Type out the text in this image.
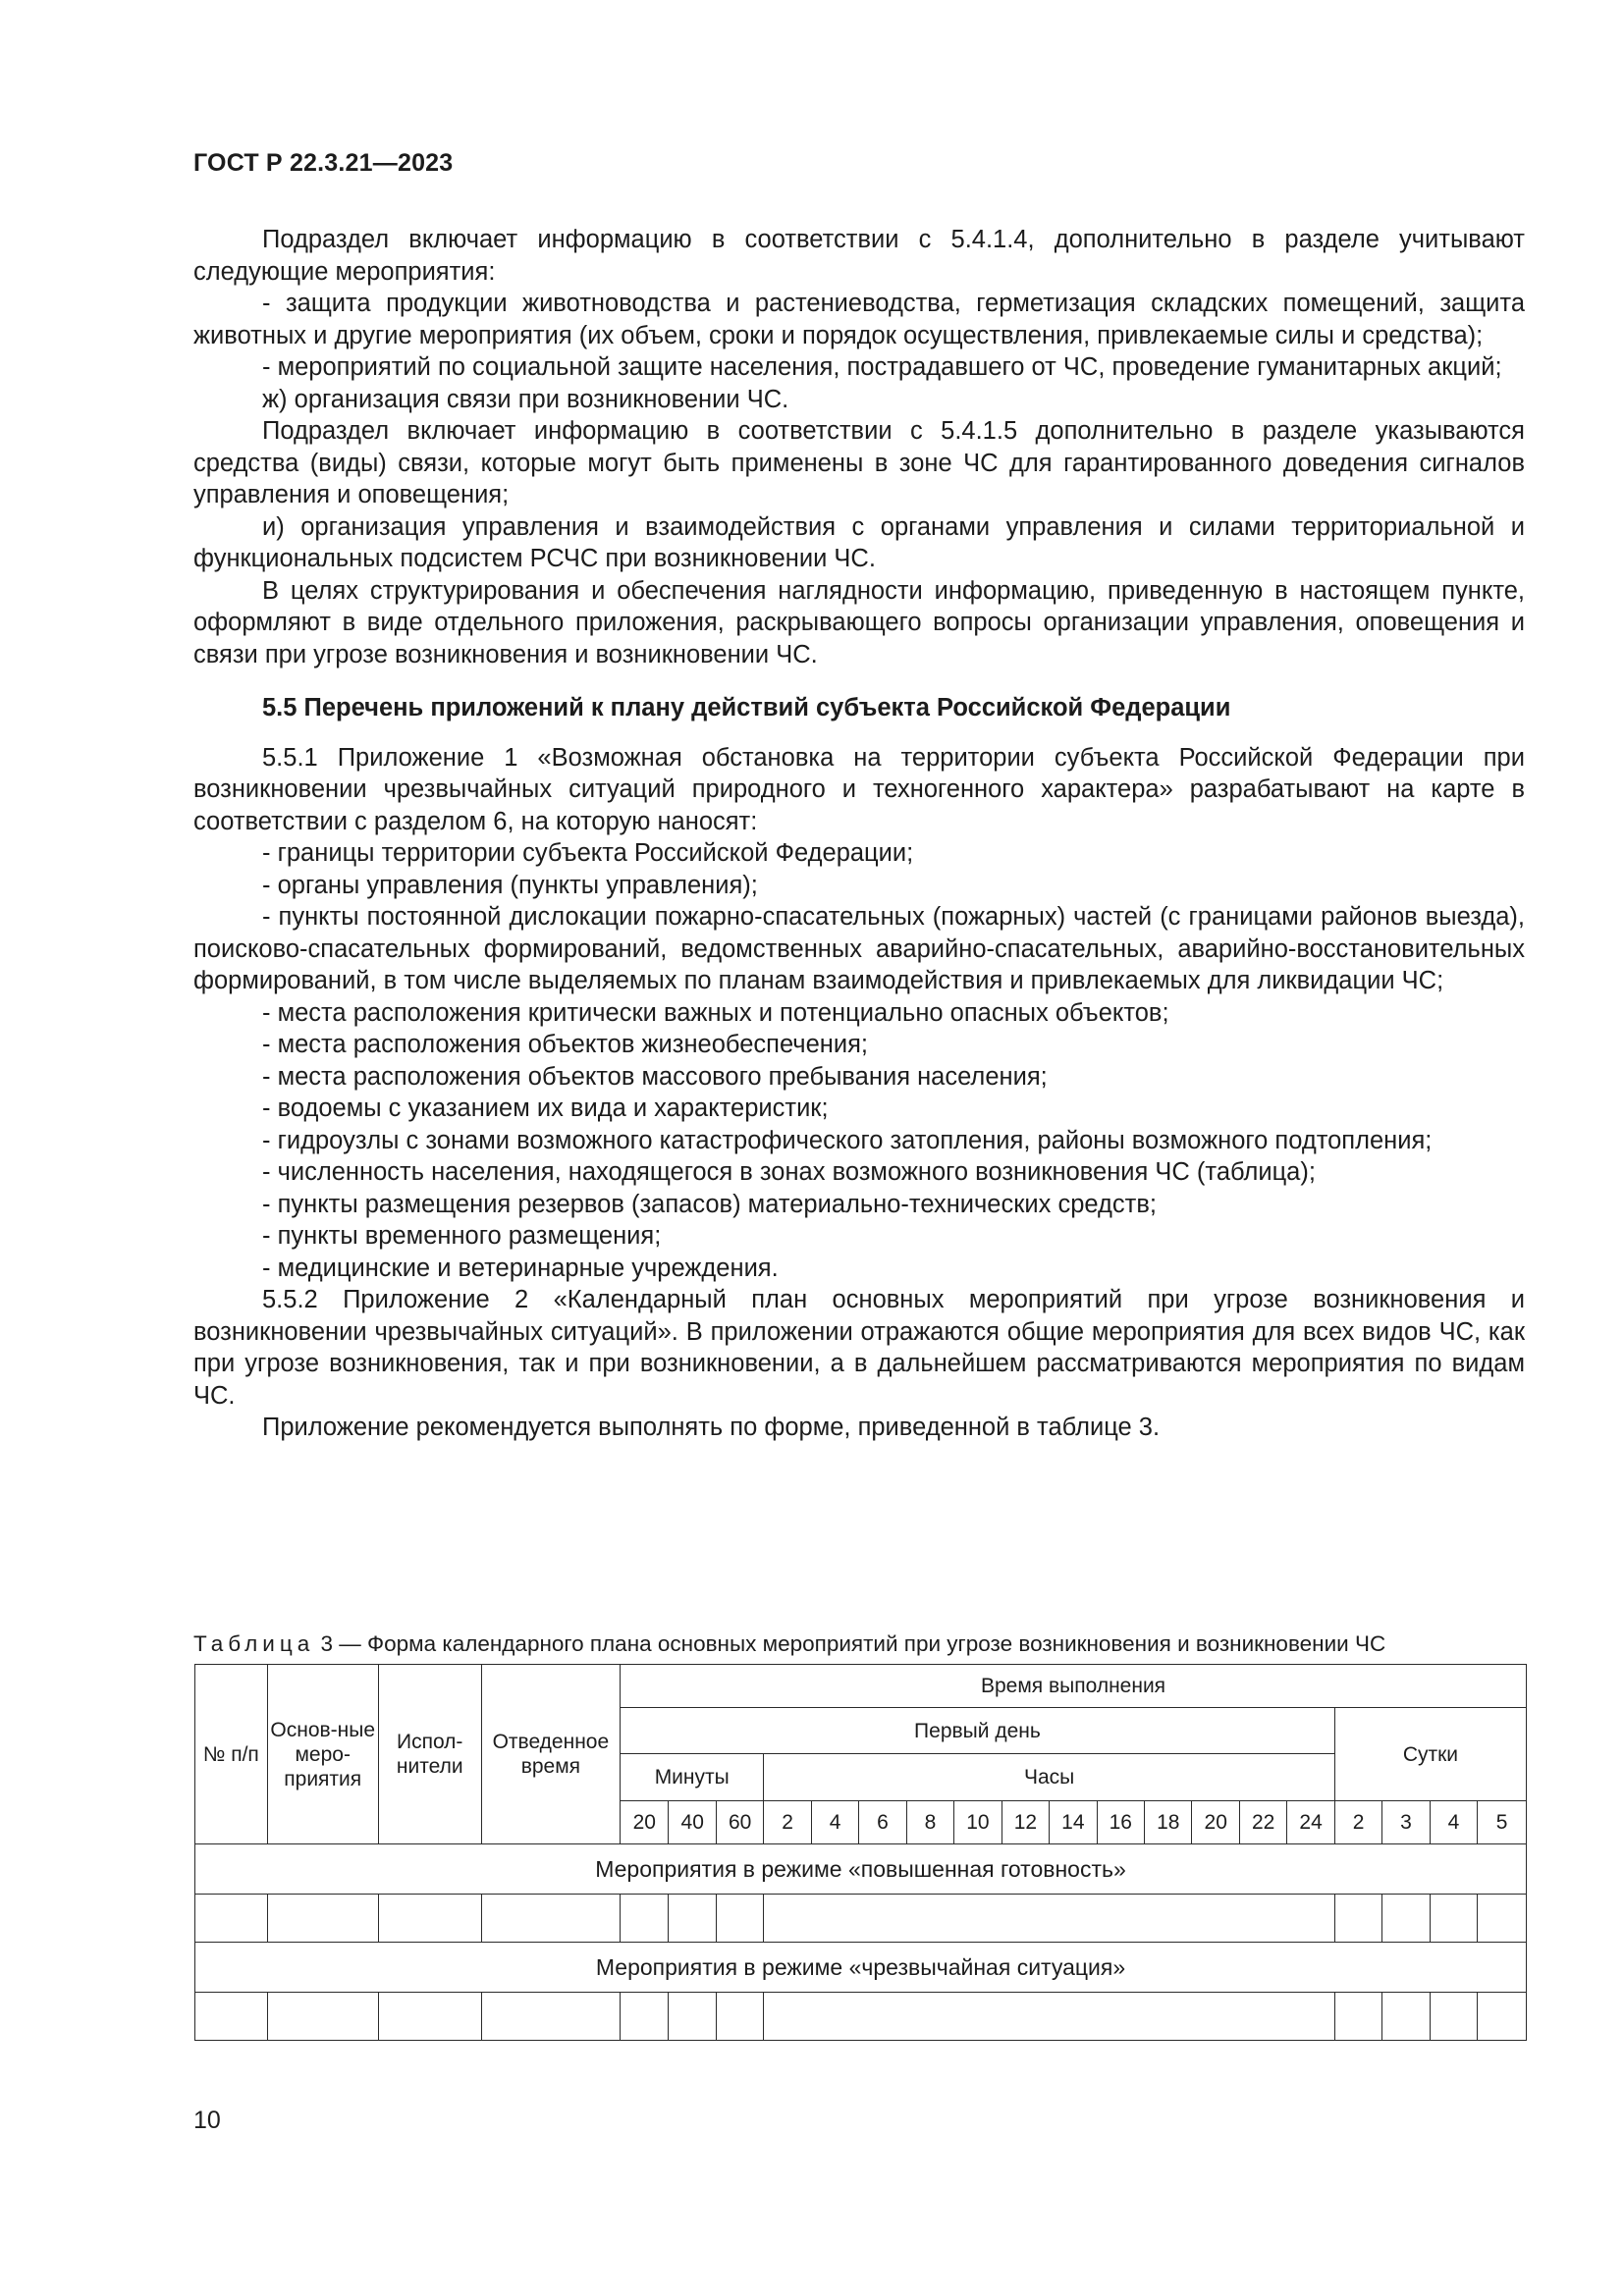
ГОСТ Р 22.3.21—2023

Подраздел включает информацию в соответствии с 5.4.1.4, дополнительно в разделе учитывают следующие мероприятия:

- защита продукции животноводства и растениеводства, герметизация складских помещений, защита животных и другие мероприятия (их объем, сроки и порядок осуществления, привлекаемые силы и средства);

- мероприятий по социальной защите населения, пострадавшего от ЧС, проведение гуманитарных акций;

ж) организация связи при возникновении ЧС.

Подраздел включает информацию в соответствии с 5.4.1.5 дополнительно в разделе указываются средства (виды) связи, которые могут быть применены в зоне ЧС для гарантированного доведения сигналов управления и оповещения;

и) организация управления и взаимодействия с органами управления и силами территориальной и функциональных подсистем РСЧС при возникновении ЧС.

В целях структурирования и обеспечения наглядности информацию, приведенную в настоящем пункте, оформляют в виде отдельного приложения, раскрывающего вопросы организации управления, оповещения и связи при угрозе возникновения и возникновении ЧС.

5.5 Перечень приложений к плану действий субъекта Российской Федерации

5.5.1 Приложение 1 «Возможная обстановка на территории субъекта Российской Федерации при возникновении чрезвычайных ситуаций природного и техногенного характера» разрабатывают на карте в соответствии с разделом 6, на которую наносят:

- границы территории субъекта Российской Федерации;

- органы управления (пункты управления);

- пункты постоянной дислокации пожарно-спасательных (пожарных) частей (с границами районов выезда), поисково-спасательных формирований, ведомственных аварийно-спасательных, аварийно-восстановительных формирований, в том числе выделяемых по планам взаимодействия и привлекаемых для ликвидации ЧС;

- места расположения критически важных и потенциально опасных объектов;

- места расположения объектов жизнеобеспечения;

- места расположения объектов массового пребывания населения;

- водоемы с указанием их вида и характеристик;

- гидроузлы с зонами возможного катастрофического затопления, районы возможного подтопления;

- численность населения, находящегося в зонах возможного возникновения ЧС (таблица);

- пункты размещения резервов (запасов) материально-технических средств;

- пункты временного размещения;

- медицинские и ветеринарные учреждения.

5.5.2 Приложение 2 «Календарный план основных мероприятий при угрозе возникновения и возникновении чрезвычайных ситуаций». В приложении отражаются общие мероприятия для всех видов ЧС, как при угрозе возникновения, так и при возникновении, а в дальнейшем рассматриваются мероприятия по видам ЧС.

Приложение рекомендуется выполнять по форме, приведенной в таблице 3.

Таблица 3 — Форма календарного плана основных мероприятий при угрозе возникновения и возникновении ЧС
№ п/п	Основ-ные меро-приятия	Испол-нители	Отведенное время	Время выполнения																		
				Первый день															Сутки			
				Минуты			Часы															
				20	40	60	2	4	6	8	10	12	14	16	18	20	22	24	2	3	4	5
Мероприятия в режиме «повышенная готовность»																						

Мероприятия в режиме «чрезвычайная ситуация»																						

10
